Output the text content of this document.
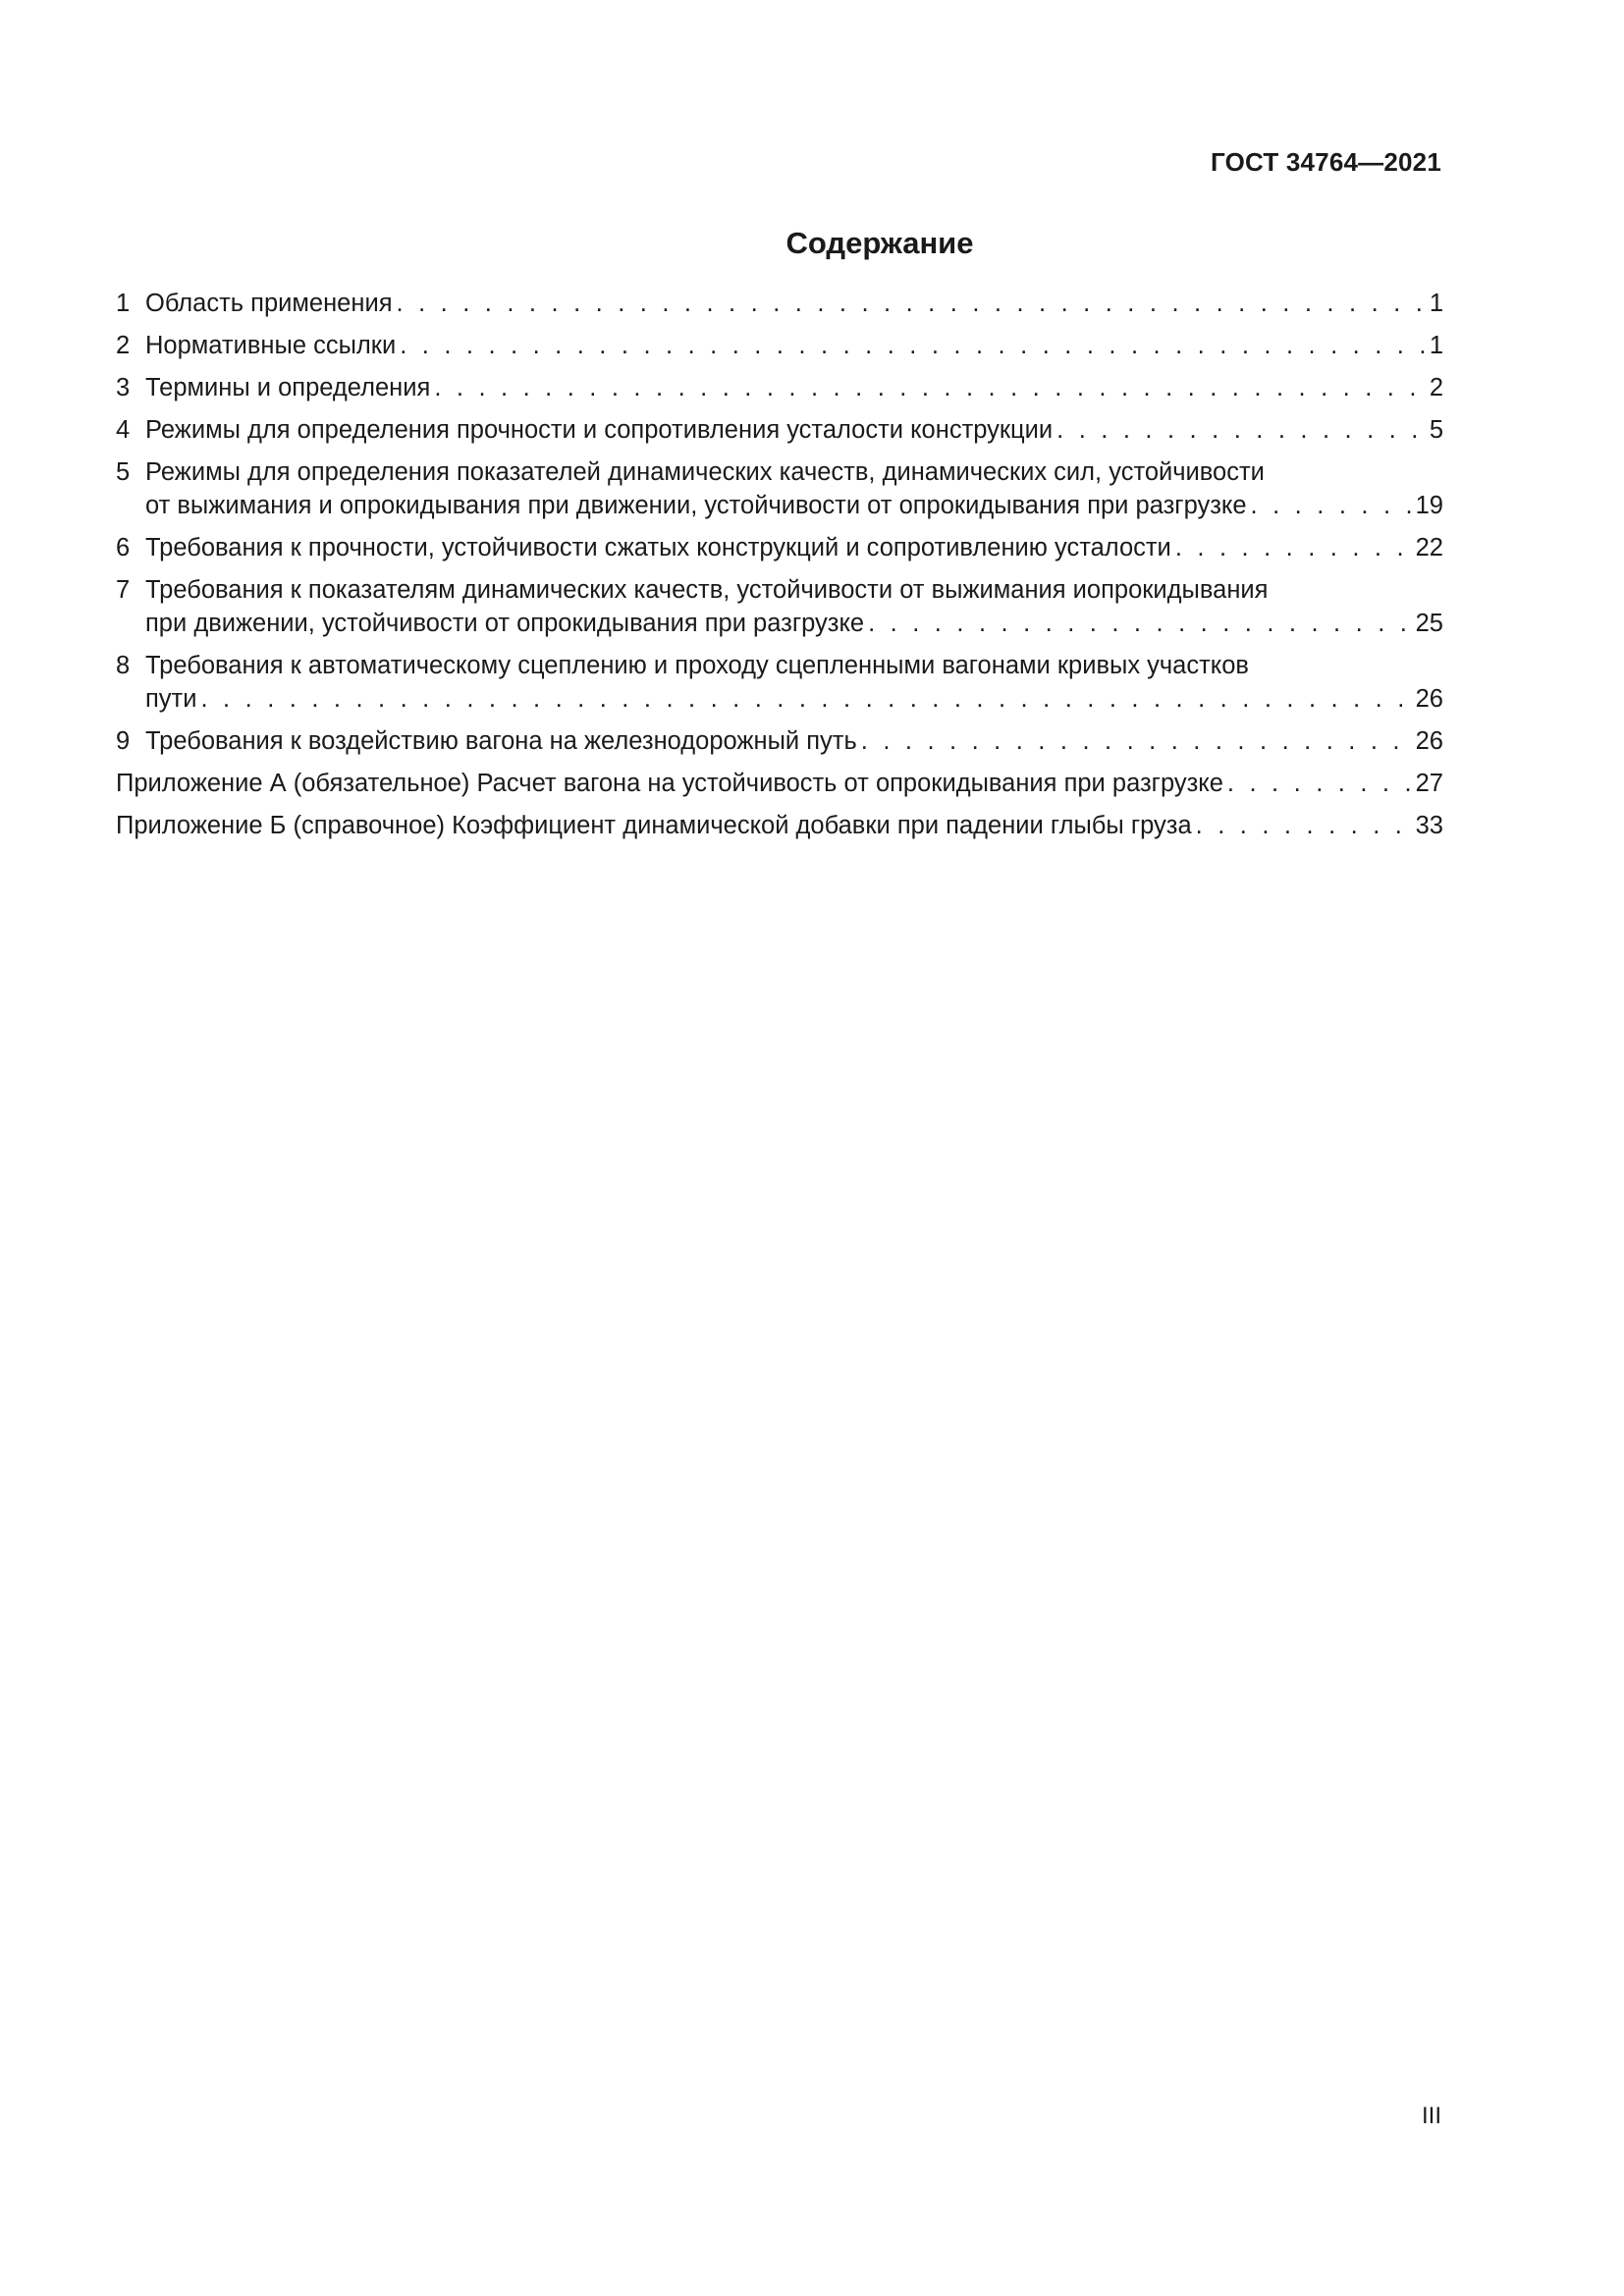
ГОСТ 34764—2021
Содержание
1 Область применения . . .	1
2 Нормативные ссылки . . .	1
3 Термины и определения . . .	2
4 Режимы для определения прочности и сопротивления усталости конструкции . . .	5
5 Режимы для определения показателей динамических качеств, динамических сил, устойчивости
от выжимания и опрокидывания при движении, устойчивости от опрокидывания при разгрузке . . .	19
6 Требования к прочности, устойчивости сжатых конструкций и сопротивлению усталости . . .	22
7 Требования к показателям динамических качеств, устойчивости от выжимания иопрокидывания
при движении, устойчивости от опрокидывания при разгрузке . . .	25
8 Требования к автоматическому сцеплению и проходу сцепленными вагонами кривых участков
пути . . .	26
9 Требования к воздействию вагона на железнодорожный путь . . .	26
Приложение А (обязательное) Расчет вагона на устойчивость от опрокидывания при разгрузке . . .	27
Приложение Б (справочное) Коэффициент динамической добавки при падении глыбы груза . . .	33
III
